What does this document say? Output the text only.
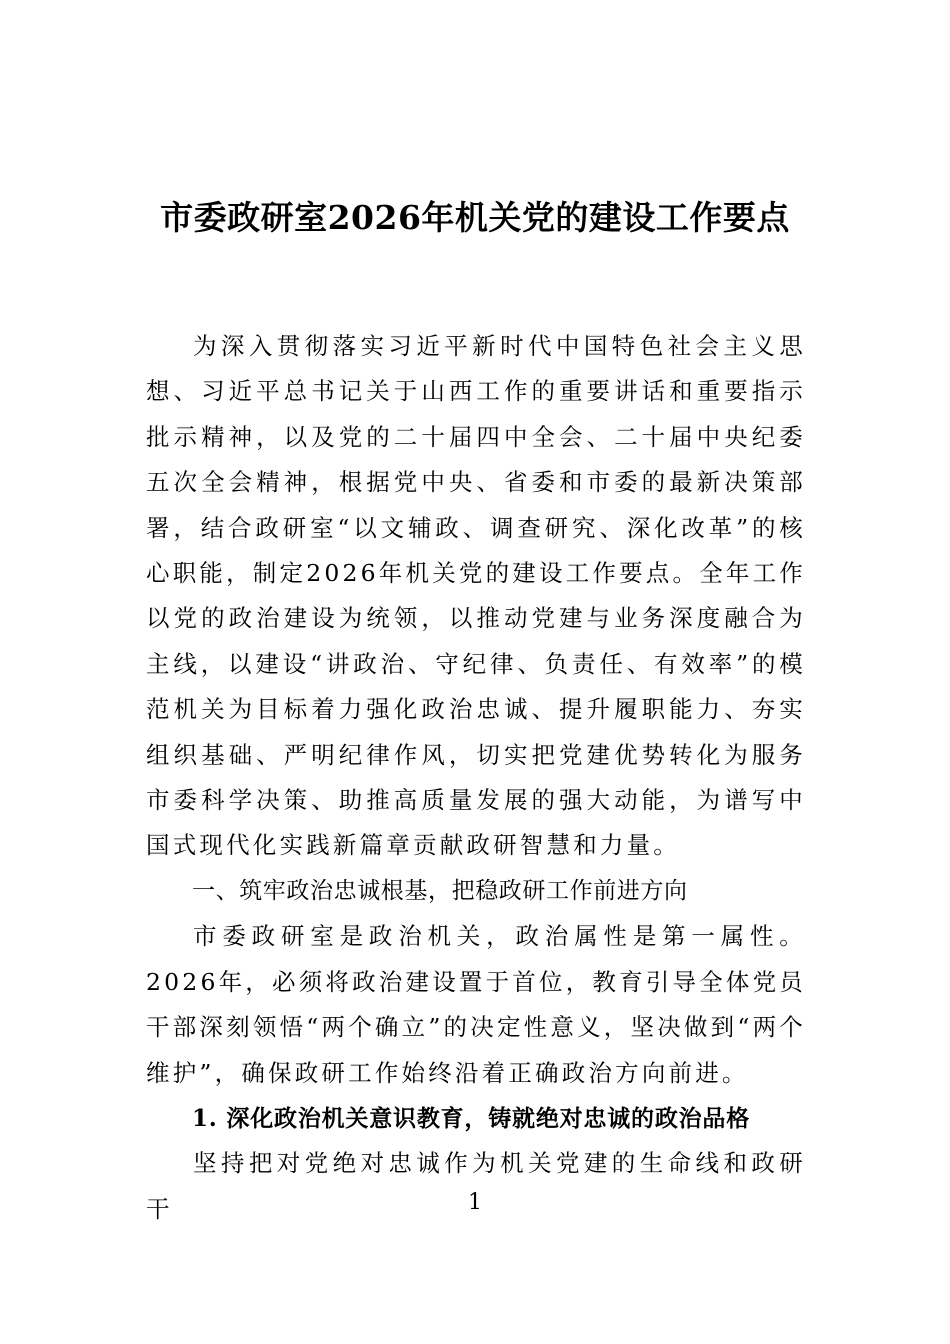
市委政研室2026年机关党的建设工作要点

为深入贯彻落实习近平新时代中国特色社会主义思想、习近平总书记关于山西工作的重要讲话和重要指示批示精神，以及党的二十届四中全会、二十届中央纪委五次全会精神，根据党中央、省委和市委的最新决策部署，结合政研室“以文辅政、调查研究、深化改革”的核心职能，制定2026年机关党的建设工作要点。全年工作以党的政治建设为统领，以推动党建与业务深度融合为主线，以建设“讲政治、守纪律、负责任、有效率”的模范机关为目标着力强化政治忠诚、提升履职能力、夯实组织基础、严明纪律作风，切实把党建优势转化为服务市委科学决策、助推高质量发展的强大动能，为谱写中国式现代化实践新篇章贡献政研智慧和力量。

一、筑牢政治忠诚根基，把稳政研工作前进方向

市委政研室是政治机关，政治属性是第一属性。2026年，必须将政治建设置于首位，教育引导全体党员干部深刻领悟“两个确立”的决定性意义，坚决做到“两个维护”，确保政研工作始终沿着正确政治方向前进。

1. 深化政治机关意识教育，铸就绝对忠诚的政治品格

坚持把对党绝对忠诚作为机关党建的生命线和政研干	1
